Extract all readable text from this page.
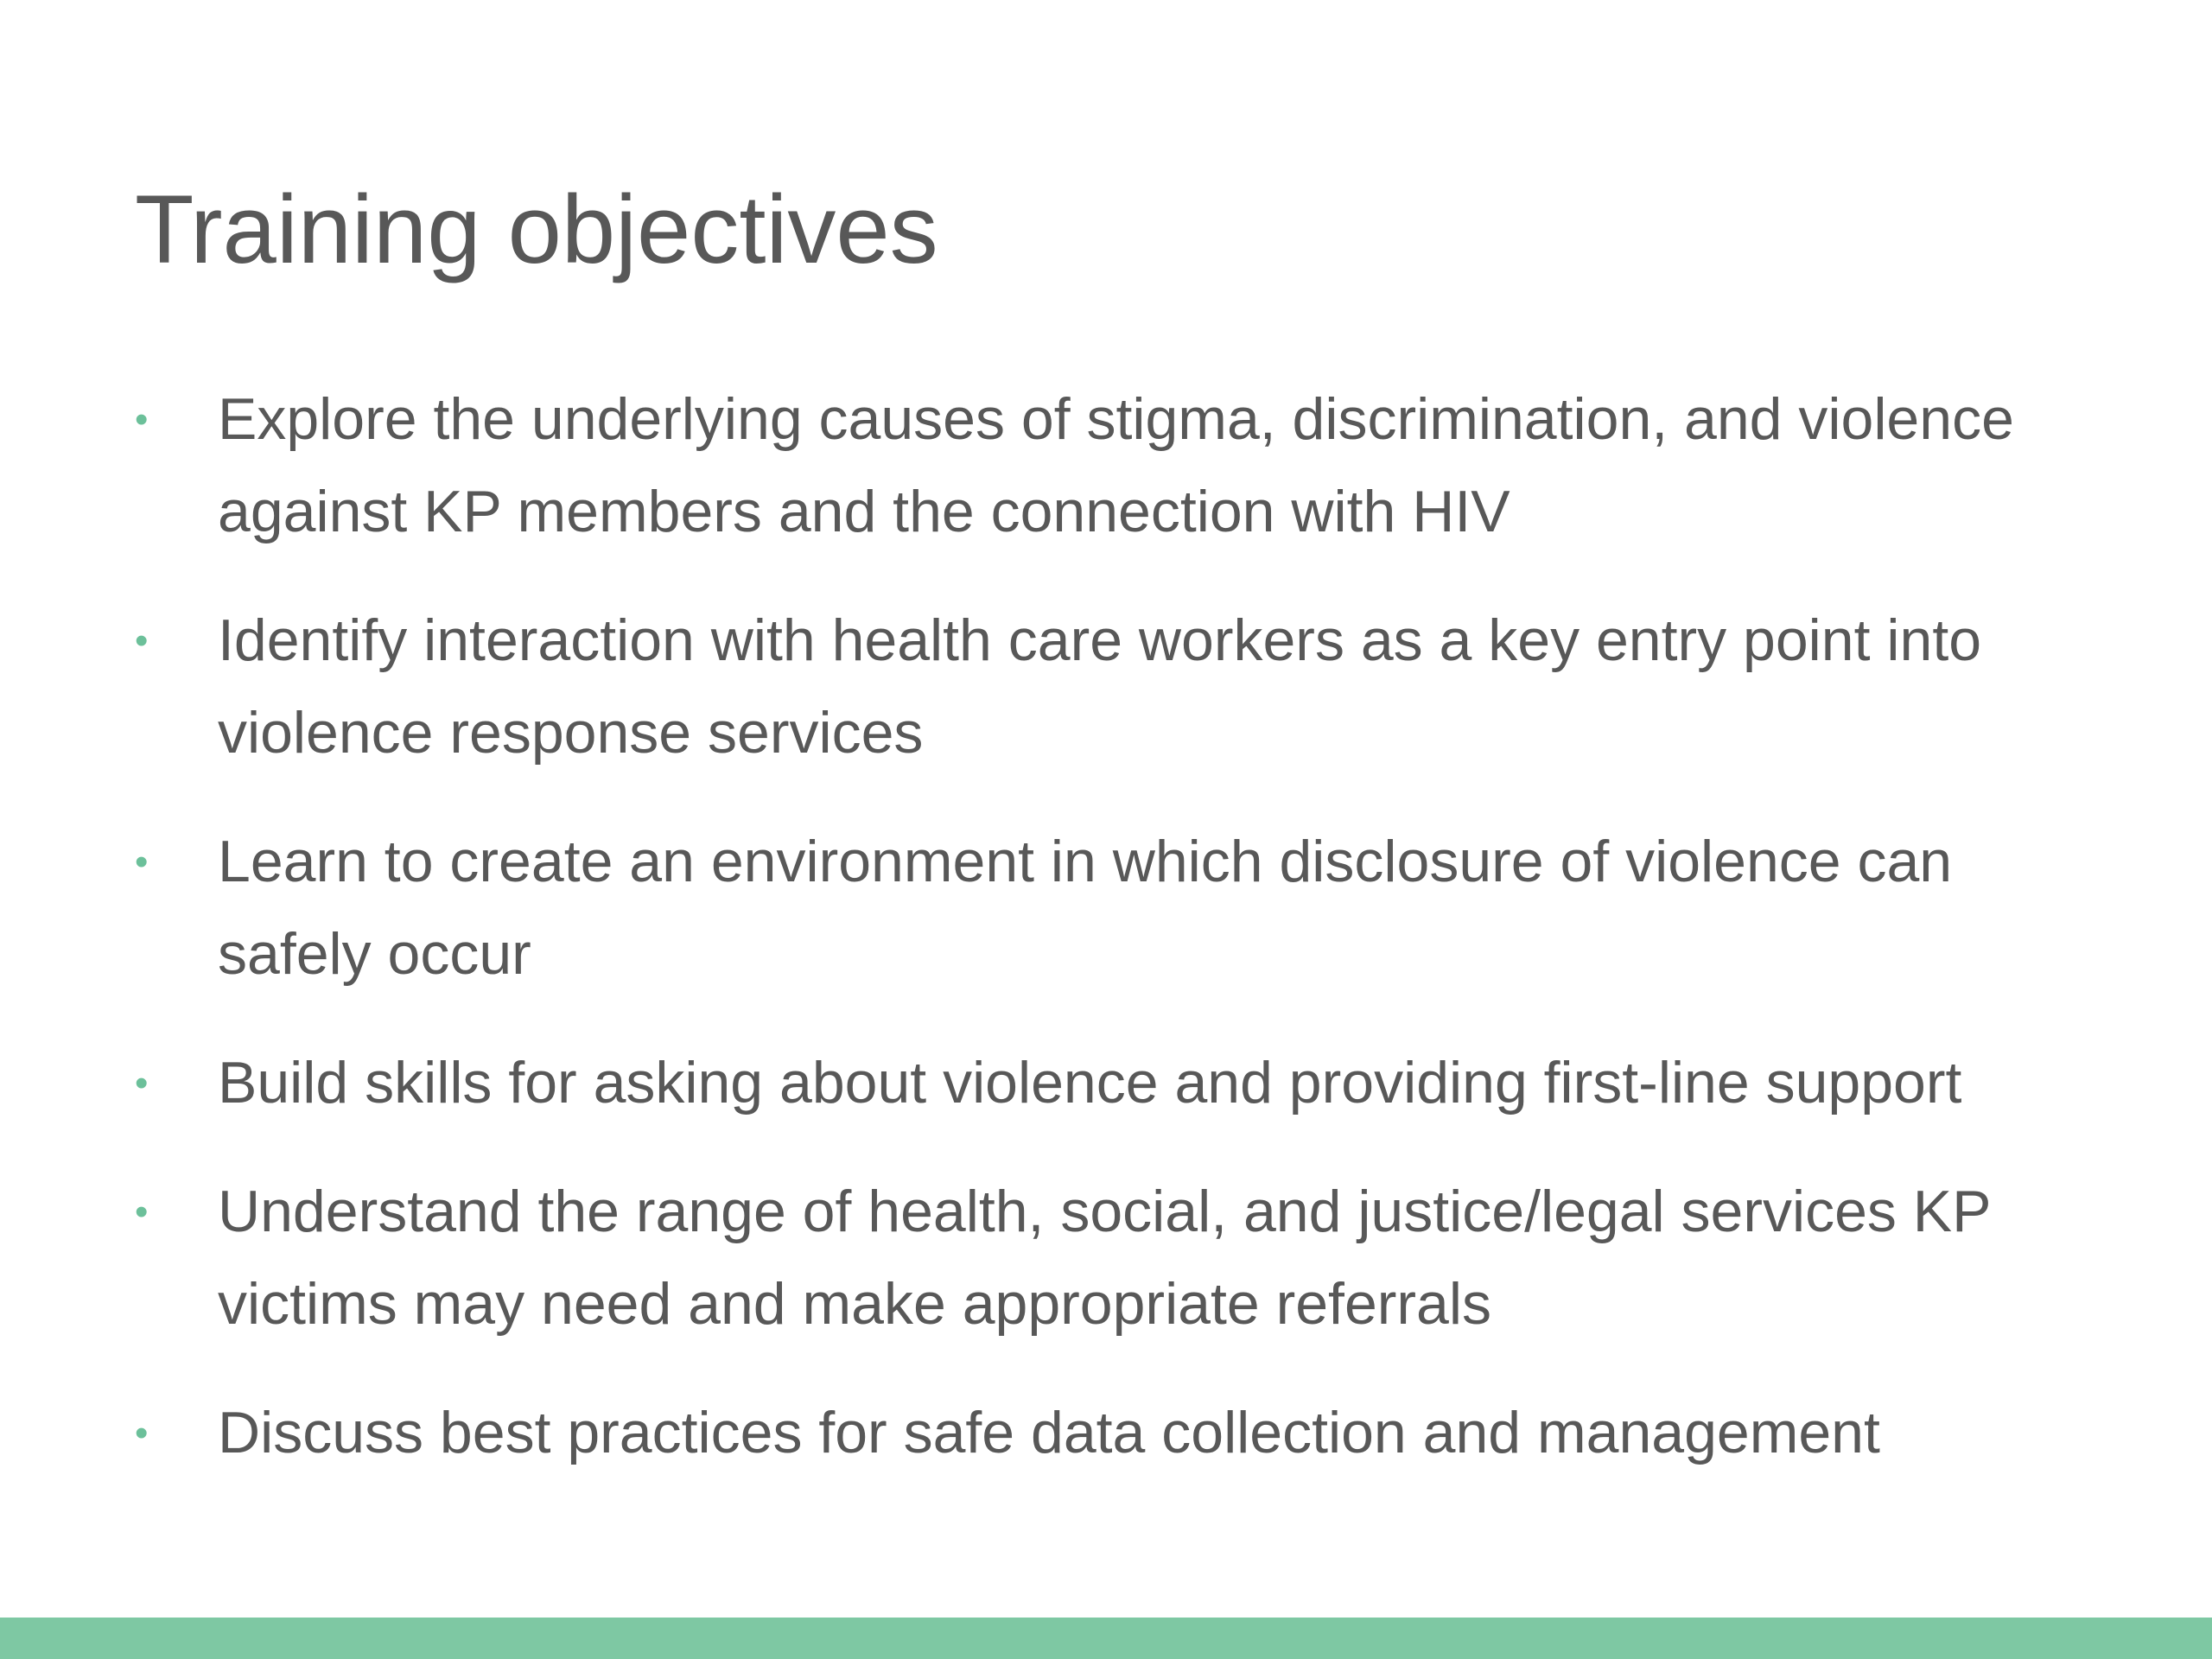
Training objectives
•	Explore the underlying causes of stigma, discrimination, and violence against KP members and the connection with HIV
•	Identify interaction with health care workers as a key entry point into violence response services
•	Learn to create an environment in which disclosure of violence can safely occur
•	Build skills for asking about violence and providing first-line support
•	Understand the range of health, social, and justice/legal services KP victims may need and make appropriate referrals
•	Discuss best practices for safe data collection and management
